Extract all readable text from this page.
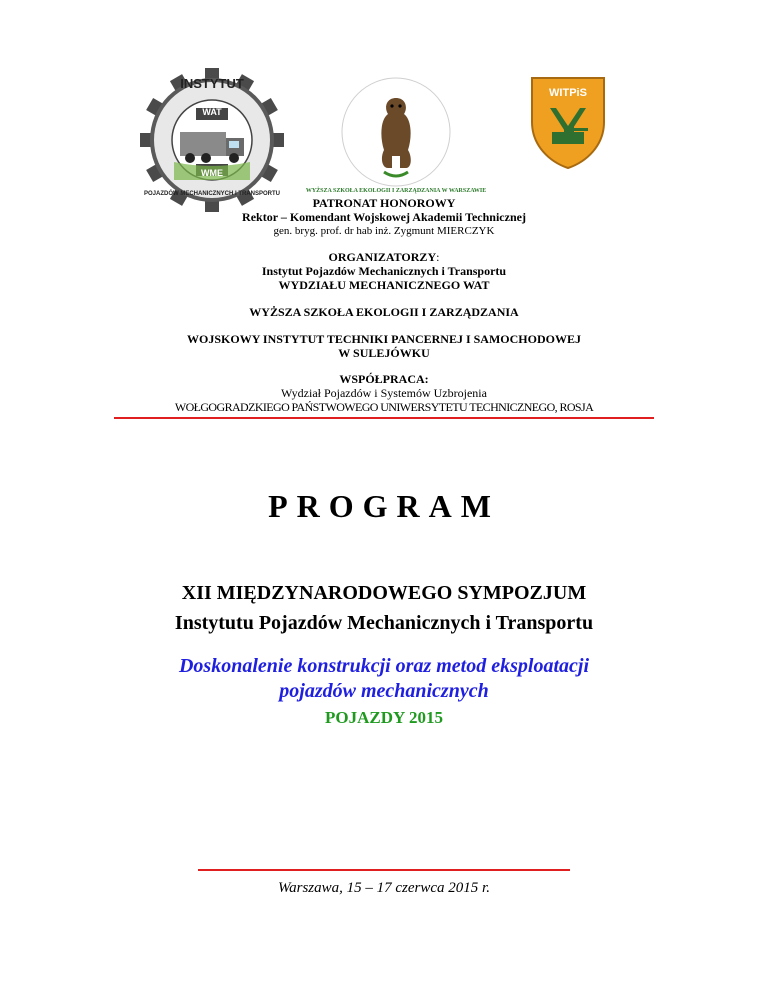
INSTYTUT
WAT
WME
POJAZDÓW MECHANICZNYCH I TRANSPORTU	WYŻSZA SZKOŁA EKOLOGII I ZARZĄDZANIA W WARSZAWIE
WITPiS
PATRONAT HONOROWY
Rektor – Komendant Wojskowej Akademii Technicznej
gen. bryg. prof. dr hab inż. Zygmunt MIERCZYK
ORGANIZATORZY:
Instytut Pojazdów Mechanicznych i Transportu
WYDZIAŁU MECHANICZNEGO WAT
WYŻSZA SZKOŁA EKOLOGII I ZARZĄDZANIA
WOJSKOWY INSTYTUT TECHNIKI PANCERNEJ I SAMOCHODOWEJ
W SULEJÓWKU
WSPÓŁPRACA:
Wydział Pojazdów i Systemów Uzbrojenia
WOŁGOGRADZKIEGO PAŃSTWOWEGO UNIWERSYTETU TECHNICZNEGO, ROSJA
PROGRAM
XII MIĘDZYNARODOWEGO SYMPOZJUM
Instytutu Pojazdów Mechanicznych i Transportu
Doskonalenie konstrukcji oraz metod eksploatacji
pojazdów mechanicznych
POJAZDY 2015
Warszawa, 15 – 17 czerwca 2015 r.
